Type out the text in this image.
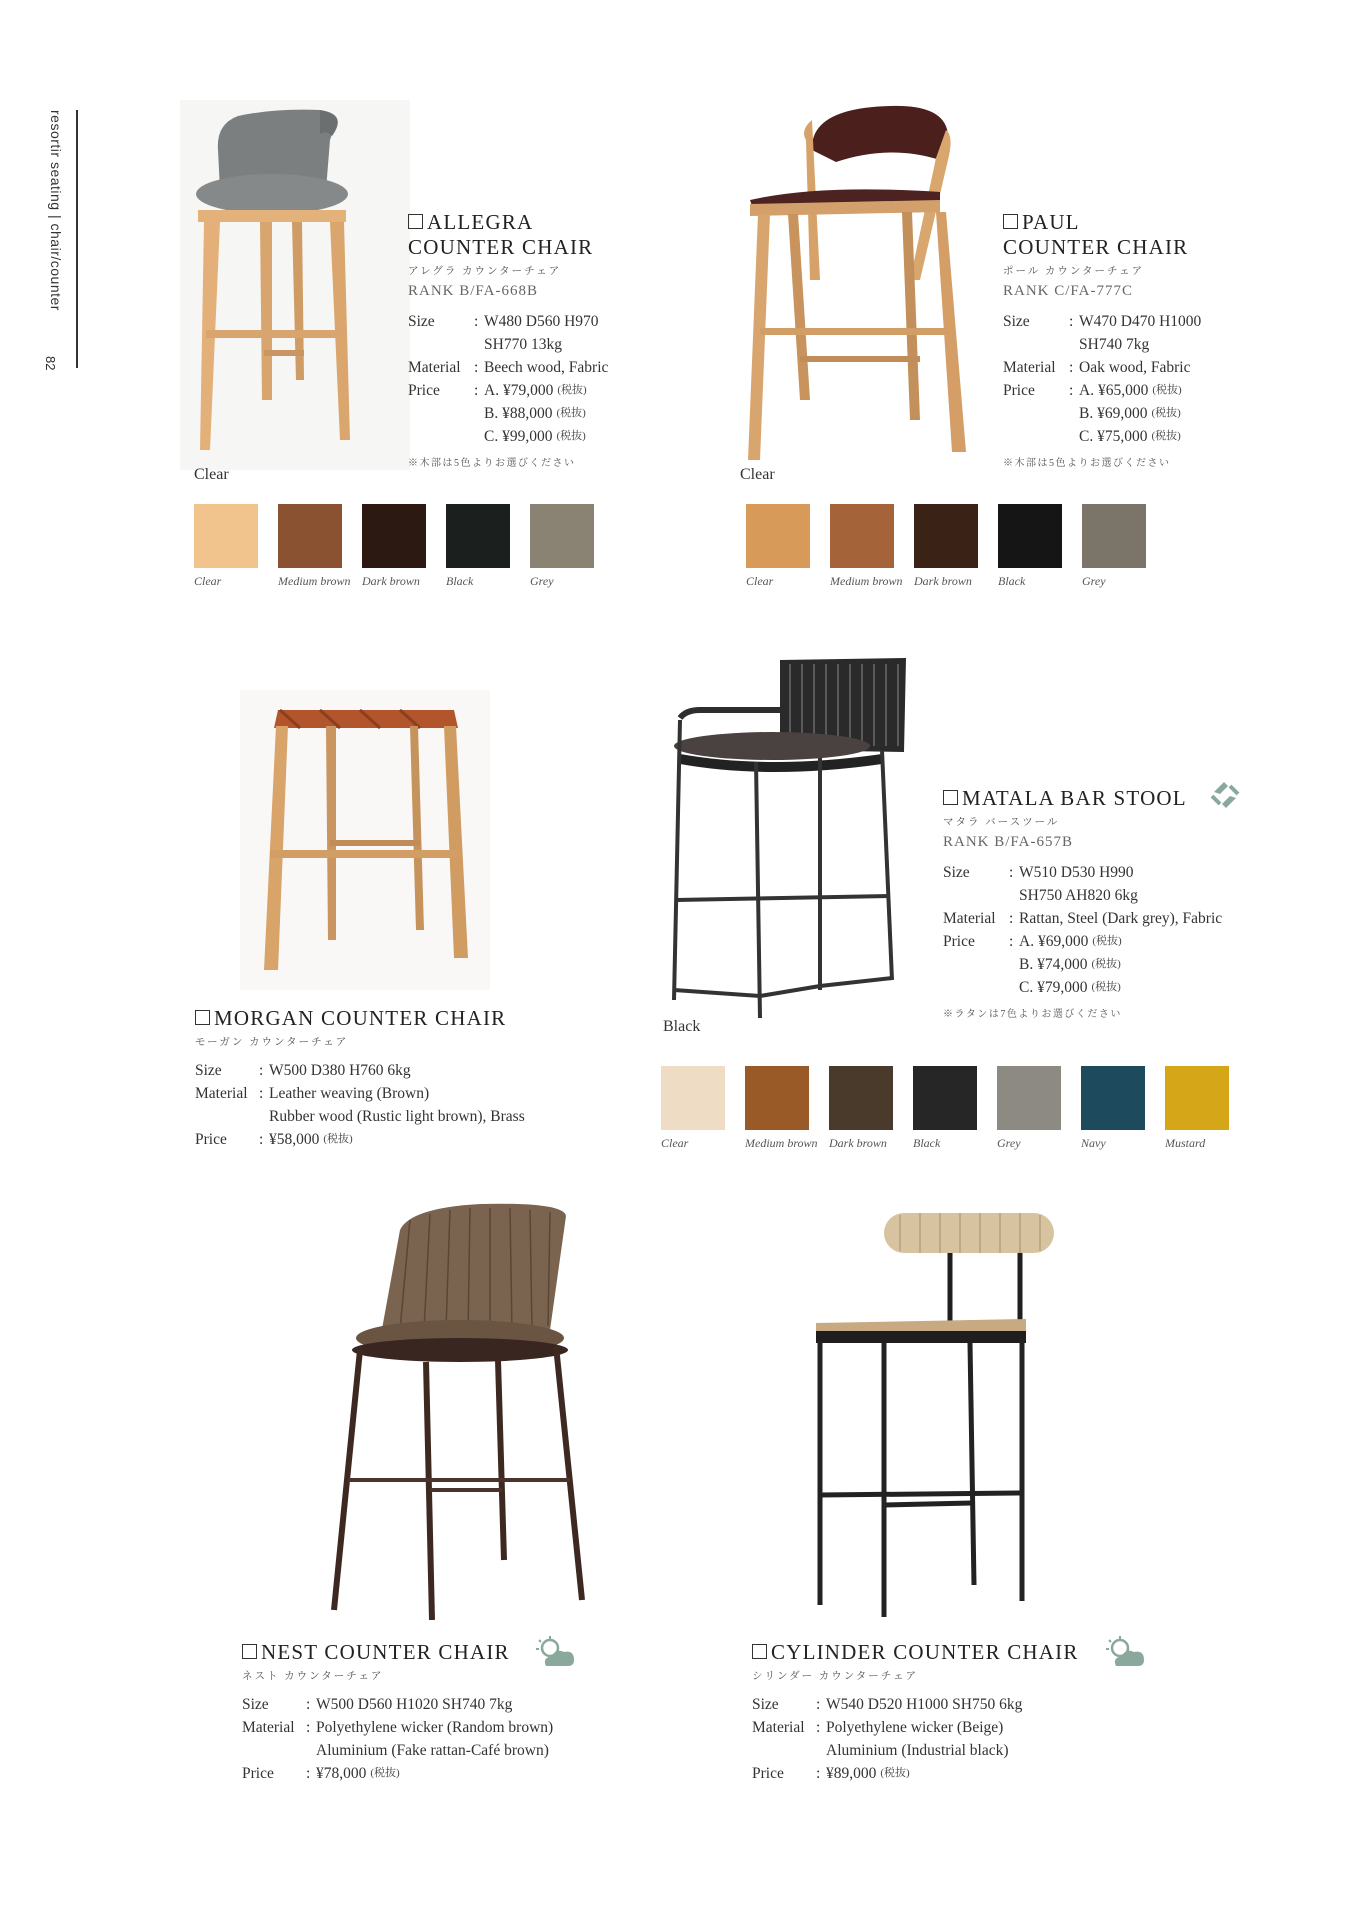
resortir seating | chair/counter
82
Clear
ALLEGRA
COUNTER CHAIR
アレグラ カウンターチェア
RANK B/FA-668B
Size	: W480 D560 H970
SH770 13kg
Material : Beech wood, Fabric
Price	: A. ¥79,000 (税抜)
B. ¥88,000 (税抜)
C. ¥99,000 (税抜)
※木部は5色よりお選びください
Clear	Medium brown Dark brown Black	Grey
Clear
PAUL
COUNTER CHAIR
ポール カウンターチェア
RANK C/FA-777C
Size	: W470 D470 H1000
SH740 7kg
Material : Oak wood, Fabric
Price	: A. ¥65,000 (税抜)
B. ¥69,000 (税抜)
C. ¥75,000 (税抜)
※木部は5色よりお選びください
Clear	Medium brown Dark brown Black	Grey
MORGAN COUNTER CHAIR
モーガン カウンターチェア
Size	: W500 D380 H760 6kg
Material : Leather weaving (Brown)
Rubber wood (Rustic light brown), Brass
Price	: ¥58,000 (税抜)
Black
MATALA BAR STOOL
マタラ バースツール
RANK B/FA-657B
Size	: W510 D530 H990
SH750 AH820 6kg
Material : Rattan, Steel (Dark grey), Fabric
Price	: A. ¥69,000 (税抜)
B. ¥74,000 (税抜)
C. ¥79,000 (税抜)
※ラタンは7色よりお選びください
Clear	Medium brown Dark brown Black	Grey	Navy	Mustard
NEST COUNTER CHAIR
ネスト カウンターチェア
Size	: W500 D560 H1020 SH740 7kg
Material : Polyethylene wicker (Random brown)
Aluminium (Fake rattan-Café brown)
Price	: ¥78,000 (税抜)
CYLINDER COUNTER CHAIR
シリンダー カウンターチェア
Size	: W540 D520 H1000 SH750 6kg
Material : Polyethylene wicker (Beige)
Aluminium (Industrial black)
Price	: ¥89,000 (税抜)
